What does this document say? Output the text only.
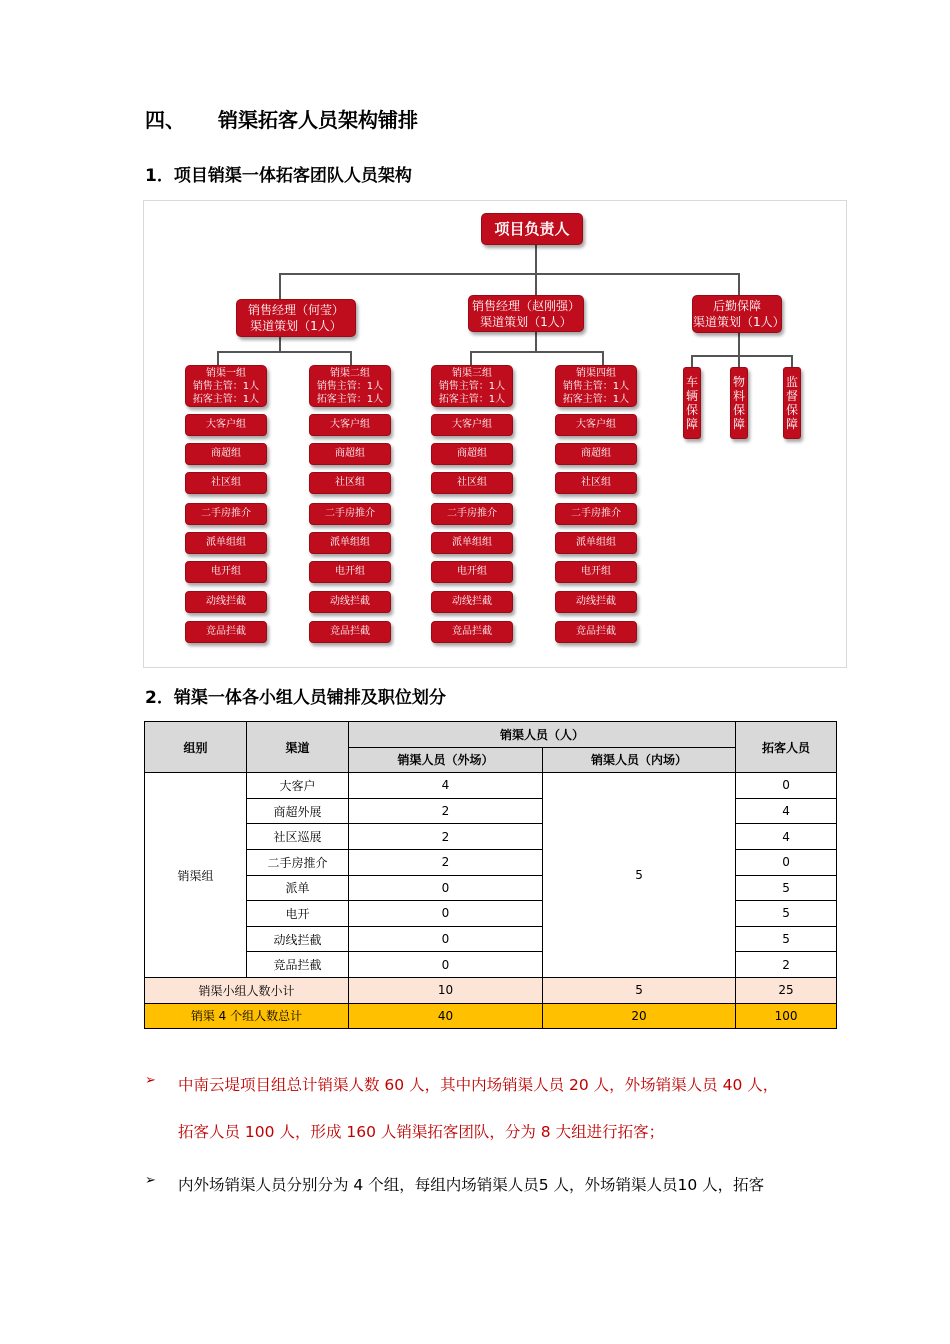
四、 销渠拓客人员架构铺排
1．项目销渠一体拓客团队人员架构
项目负责人
销售经理（何莹）
渠道策划（1人）
销售经理（赵刚强）
渠道策划（1人）
后勤保障
渠道策划（1人）
销渠一组
销售主管：1人
拓客主管：1人
销渠二组
销售主管：1人
拓客主管：1人
销渠三组
销售主管：1人
拓客主管：1人
销渠四组
销售主管：1人
拓客主管：1人
大客户组
商超组
社区组
二手房推介
派单组组
电开组
动线拦截
竞品拦截
大客户组
商超组
社区组
二手房推介
派单组组
电开组
动线拦截
竞品拦截
大客户组
商超组
社区组
二手房推介
派单组组
电开组
动线拦截
竞品拦截
大客户组
商超组
社区组
二手房推介
派单组组
电开组
动线拦截
竞品拦截
车
辆
保
障
物
料
保
障
监
督
保
障
2．销渠一体各小组人员铺排及职位划分
组别	渠道	销渠人员（人）		拓客人员
		销渠人员（外场）	销渠人员（内场）	
销渠组	大客户	4	5	0
	商超外展	2		4
	社区巡展	2		4
	二手房推介	2		0
	派单	0		5
	电开	0		5
	动线拦截	0		5
	竞品拦截	0		2
销渠小组人数小计		10	5	25
销渠 4 个组人数总计		40	20	100
➢ 中南云堤项目组总计销渠人数 60 人，其中内场销渠人员 20 人，外场销渠人员 40 人，
拓客人员 100 人，形成 160 人销渠拓客团队，分为 8 大组进行拓客；
➢ 内外场销渠人员分别分为 4 个组，每组内场销渠人员5 人，外场销渠人员10 人，拓客
